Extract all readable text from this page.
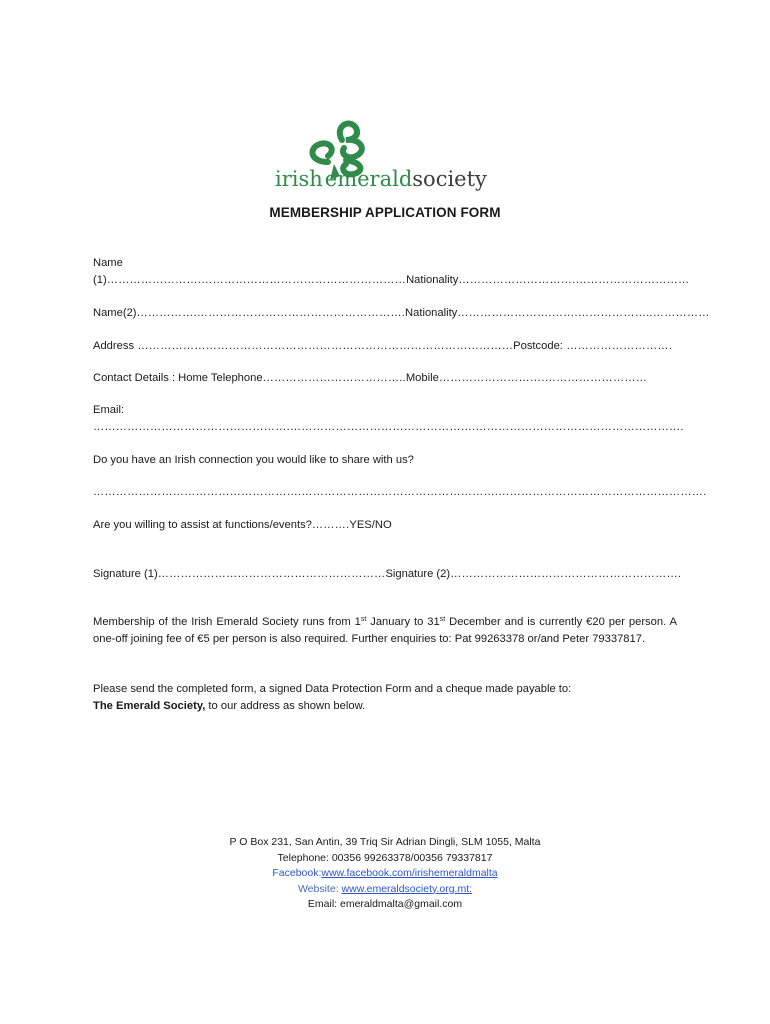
irishemeraldsociety
MEMBERSHIP APPLICATION FORM
Name
(1)…………………….………………………………………………Nationality………………………….…………………………
Name(2)…………….……………………………………………….Nationality…………………….…….………………..……………
Address ………………………………………………………………………………………Postcode: ……………………….
Contact Details : Home Telephone………………………………..Mobile……………………….………………………
Email:
…………………………………………….………………………………………….……………………………………………….
Do you have an Irish connection you would like to share with us?
……………………………………………….…………………………………………….……………………………………………….
Are you willing to assist at functions/events?……….YES/NO
Signature (1)……………………………………………………Signature (2)…………………………………………………….
Membership of the Irish Emerald Society runs from 1st January to 31st December and is currently €20 per person. A one-off joining fee of €5 per person is also required. Further enquiries to: Pat 99263378 or/and Peter 79337817.
Please send the completed form, a signed Data Protection Form and a cheque made payable to:
The Emerald Society, to our address as shown below.
P O Box 231, San Antin, 39 Triq Sir Adrian Dingli, SLM 1055, Malta
Telephone: 00356 99263378/00356 79337817
Facebook:www.facebook.com/irishemeraldmalta
Website: www.emeraldsociety.org.mt:
Email: emeraldmalta@gmail.com
